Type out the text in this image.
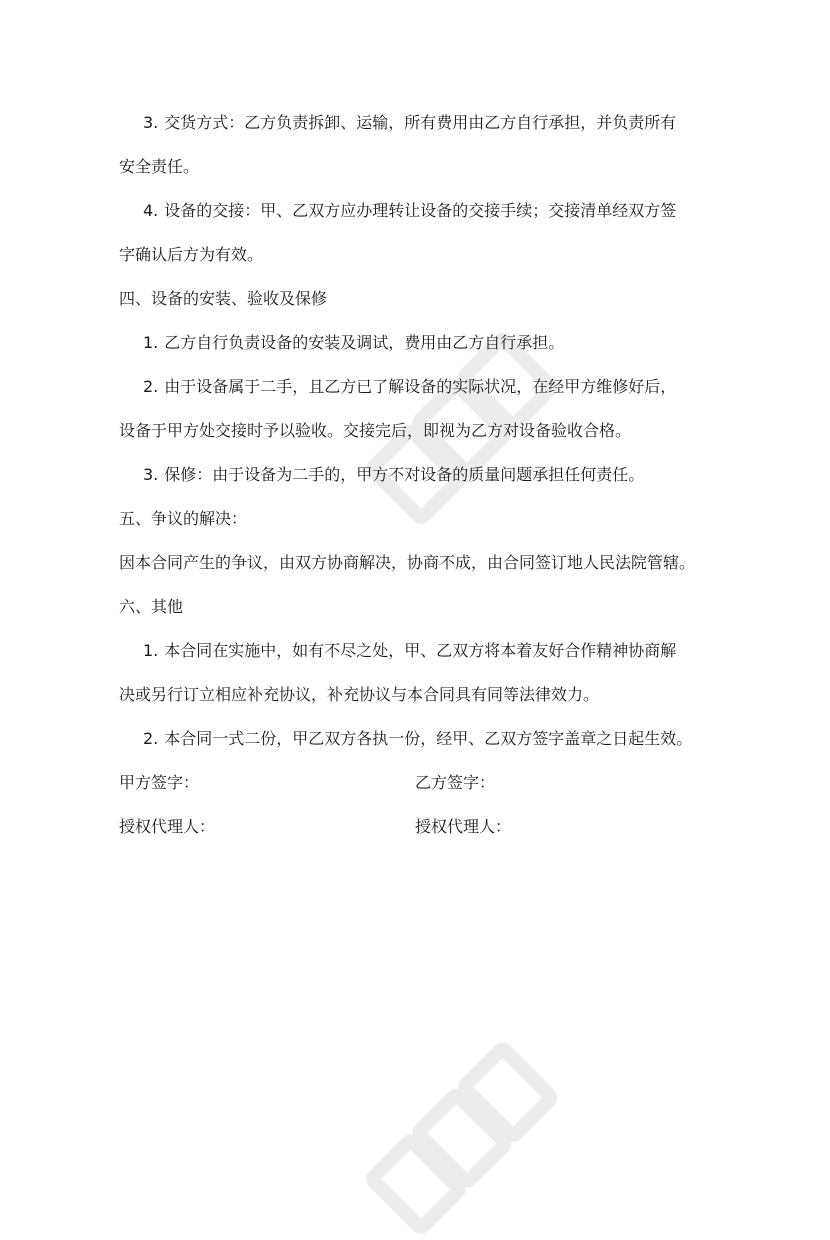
3. 交货方式：乙方负责拆卸、运输，所有费用由乙方自行承担，并负责所有
安全责任。
4. 设备的交接：甲、乙双方应办理转让设备的交接手续；交接清单经双方签
字确认后方为有效。
四、设备的安装、验收及保修
1. 乙方自行负责设备的安装及调试，费用由乙方自行承担。
2. 由于设备属于二手，且乙方已了解设备的实际状况，在经甲方维修好后，
设备于甲方处交接时予以验收。交接完后，即视为乙方对设备验收合格。
3. 保修：由于设备为二手的，甲方不对设备的质量问题承担任何责任。
五、争议的解决：
因本合同产生的争议，由双方协商解决，协商不成，由合同签订地人民法院管辖。
六、其他
1. 本合同在实施中，如有不尽之处，甲、乙双方将本着友好合作精神协商解
决或另行订立相应补充协议，补充协议与本合同具有同等法律效力。
2. 本合同一式二份，甲乙双方各执一份，经甲、乙双方签字盖章之日起生效。
甲方签字：	乙方签字：
授权代理人：	授权代理人：
